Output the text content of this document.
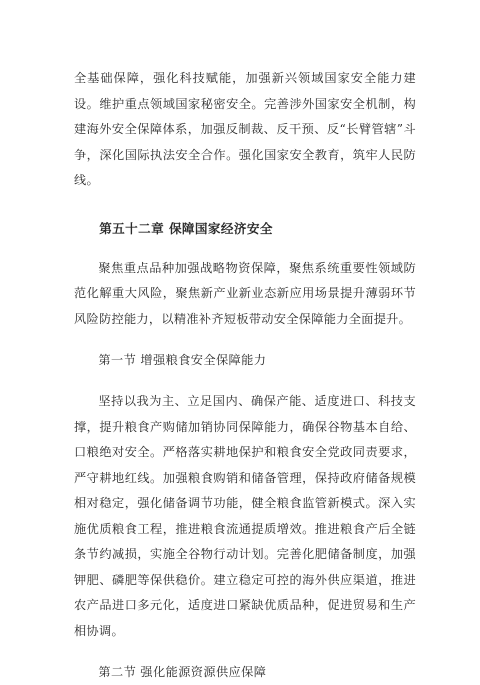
全基础保障，强化科技赋能，加强新兴领域国家安全能力建设。维护重点领域国家秘密安全。完善涉外国家安全机制，构建海外安全保障体系，加强反制裁、反干预、反“长臂管辖”斗争，深化国际执法安全合作。强化国家安全教育，筑牢人民防线。

第五十二章 保障国家经济安全

聚焦重点品种加强战略物资保障，聚焦系统重要性领域防范化解重大风险，聚焦新产业新业态新应用场景提升薄弱环节风险防控能力，以精准补齐短板带动安全保障能力全面提升。

第一节 增强粮食安全保障能力

坚持以我为主、立足国内、确保产能、适度进口、科技支撑，提升粮食产购储加销协同保障能力，确保谷物基本自给、口粮绝对安全。严格落实耕地保护和粮食安全党政同责要求，严守耕地红线。加强粮食购销和储备管理，保持政府储备规模相对稳定，强化储备调节功能，健全粮食监管新模式。深入实施优质粮食工程，推进粮食流通提质增效。推进粮食产后全链条节约减损，实施全谷物行动计划。完善化肥储备制度，加强钾肥、磷肥等保供稳价。建立稳定可控的海外供应渠道，推进农产品进口多元化，适度进口紧缺优质品种，促进贸易和生产相协调。

第二节 强化能源资源供应保障
